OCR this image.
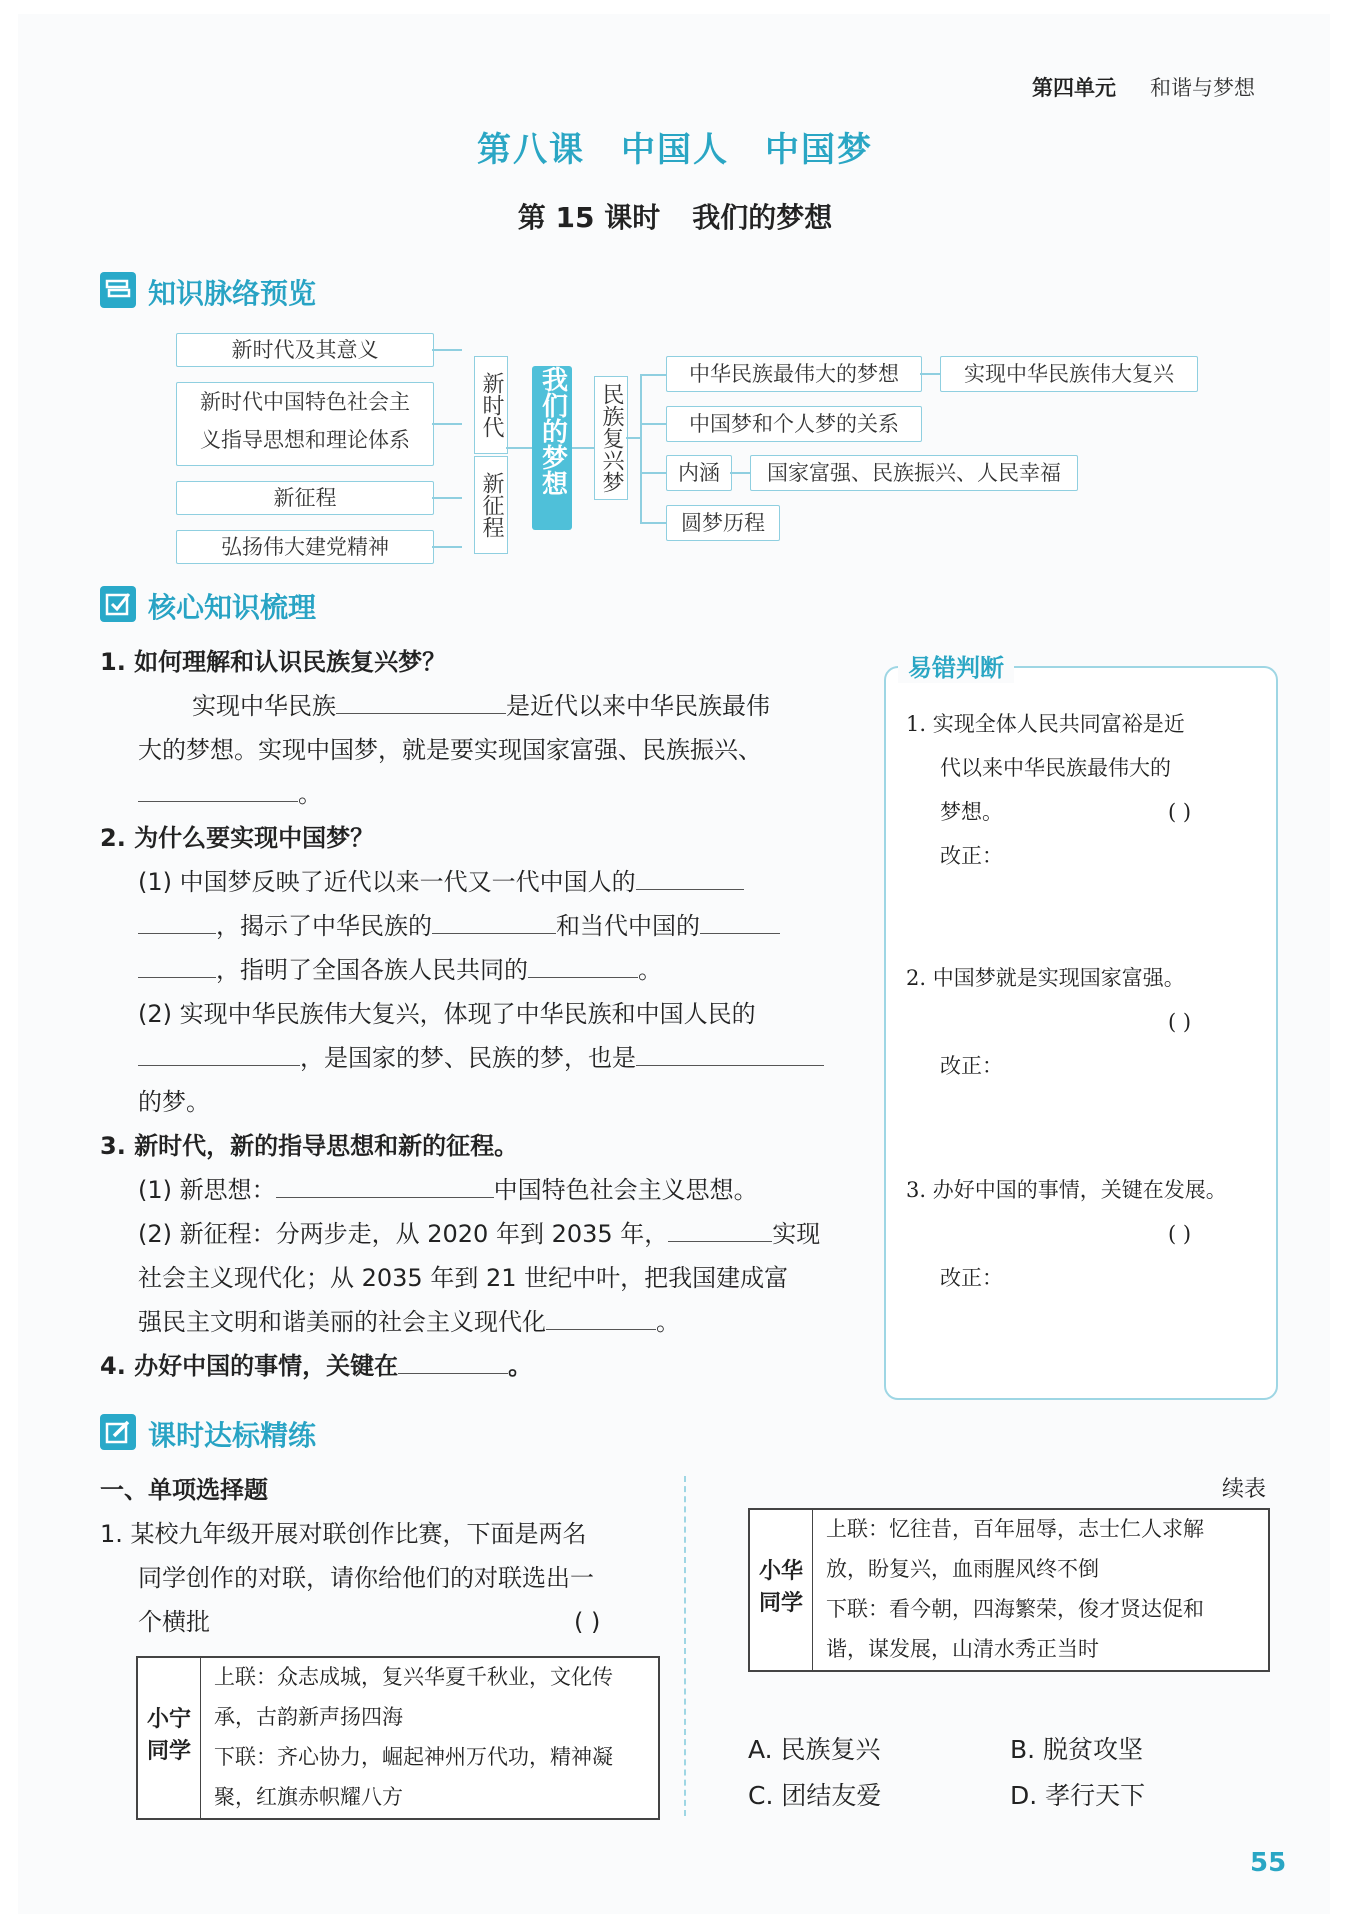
第四单元 和谐与梦想
第八课 中国人 中国梦
第 15 课时 我们的梦想
知识脉络预览
新时代及其意义
新时代中国特色社会主
义指导思想和理论体系
新征程
弘扬伟大建党精神
新时代
新征程
我们的梦想 民族复兴梦
中华民族最伟大的梦想	实现中华民族伟大复兴
中国梦和个人梦的关系
内涵	国家富强、民族振兴、人民幸福
圆梦历程
核心知识梳理
1. 如何理解和认识民族复兴梦？
实现中华民族	是近代以来中华民族最伟
大的梦想。实现中国梦，就是要实现国家富强、民族振兴、
。
2. 为什么要实现中国梦？
(1) 中国梦反映了近代以来一代又一代中国人的
，揭示了中华民族的	和当代中国的
，指明了全国各族人民共同的	。
(2) 实现中华民族伟大复兴，体现了中华民族和中国人民的
，是国家的梦、民族的梦，也是
的梦。
3. 新时代，新的指导思想和新的征程。
(1) 新思想：	中国特色社会主义思想。
(2) 新征程：分两步走，从 2020 年到 2035 年，	实现
社会主义现代化；从 2035 年到 21 世纪中叶，把我国建成富
强民主文明和谐美丽的社会主义现代化	。
4. 办好中国的事情，关键在	。
易错判断
1. 实现全体人民共同富裕是近
代以来中华民族最伟大的
梦想。	( )
改正：
2. 中国梦就是实现国家富强。
( )
改正：
3. 办好中国的事情，关键在发展。
( )
改正：
课时达标精练
一、单项选择题
1. 某校九年级开展对联创作比赛，下面是两名
同学创作的对联，请你给他们的对联选出一
个横批	( )
小宁
同学
上联：众志成城，复兴华夏千秋业，文化传
承，古韵新声扬四海
下联：齐心协力，崛起神州万代功，精神凝
聚，红旗赤帜耀八方
续表
小华
同学
上联：忆往昔，百年屈辱，志士仁人求解
放，盼复兴，血雨腥风终不倒
下联：看今朝，四海繁荣，俊才贤达促和
谐，谋发展，山清水秀正当时
A. 民族复兴	B. 脱贫攻坚
C. 团结友爱	D. 孝行天下
55
